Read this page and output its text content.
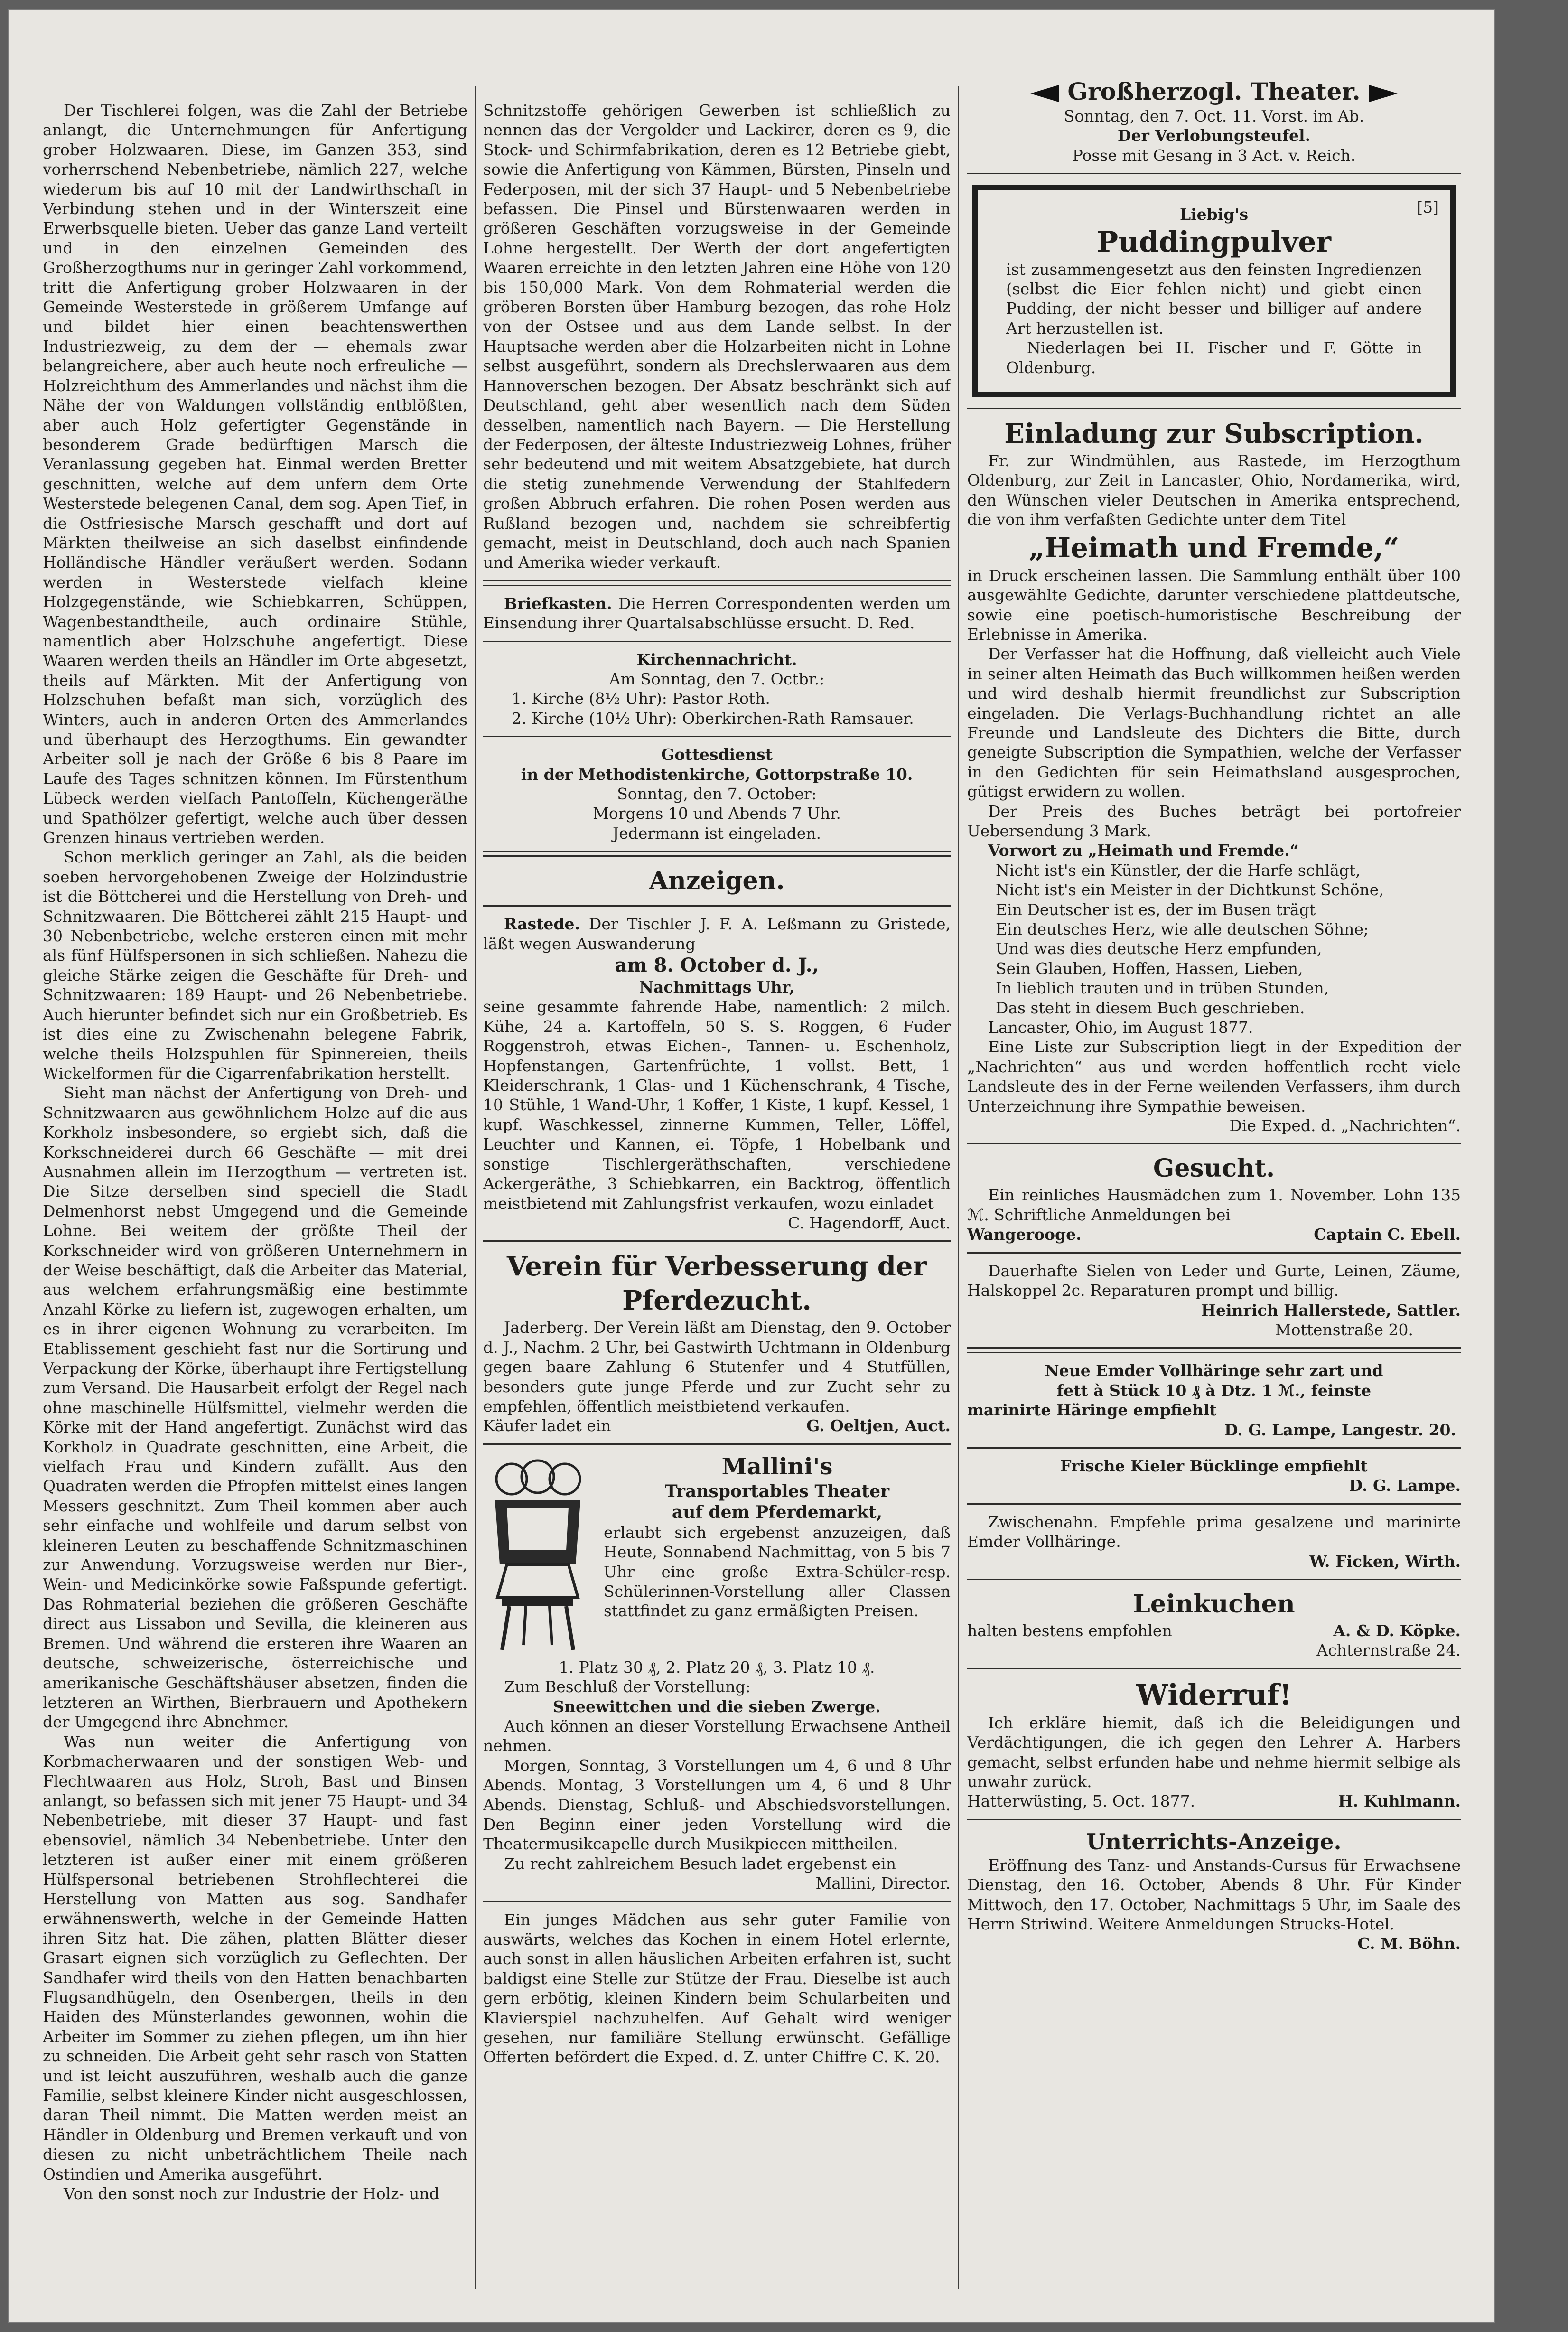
Der Tischlerei folgen, was die Zahl der Betriebe anlangt, die Unternehmungen für Anfertigung grober Holzwaaren. Diese, im Ganzen 353, sind vorherrschend Nebenbetriebe, nämlich 227, welche wiederum bis auf 10 mit der Landwirthschaft in Verbindung stehen und in der Winterszeit eine Erwerbsquelle bieten. Ueber das ganze Land verteilt und in den einzelnen Gemeinden des Großherzogthums nur in geringer Zahl vorkommend, tritt die Anfertigung grober Holzwaaren in der Gemeinde Westerstede in größerem Umfange auf und bildet hier einen beachtenswerthen Industriezweig, zu dem der — ehemals zwar belangreichere, aber auch heute noch erfreuliche — Holzreichthum des Ammerlandes und nächst ihm die Nähe der von Waldungen vollständig entblößten, aber auch Holz gefertigter Gegenstände in besonderem Grade bedürftigen Marsch die Veranlassung gegeben hat. Einmal werden Bretter geschnitten, welche auf dem unfern dem Orte Westerstede belegenen Canal, dem sog. Apen Tief, in die Ostfriesische Marsch geschafft und dort auf Märkten theilweise an sich daselbst einfindende Holländische Händler veräußert werden. Sodann werden in Westerstede vielfach kleine Holzgegenstände, wie Schiebkarren, Schüppen, Wagenbestandtheile, auch ordinaire Stühle, namentlich aber Holzschuhe angefertigt. Diese Waaren werden theils an Händler im Orte abgesetzt, theils auf Märkten. Mit der Anfertigung von Holzschuhen befaßt man sich, vorzüglich des Winters, auch in anderen Orten des Ammerlandes und überhaupt des Herzogthums. Ein gewandter Arbeiter soll je nach der Größe 6 bis 8 Paare im Laufe des Tages schnitzen können. Im Fürstenthum Lübeck werden vielfach Pantoffeln, Küchengeräthe und Spathölzer gefertigt, welche auch über dessen Grenzen hinaus vertrieben werden.

Schon merklich geringer an Zahl, als die beiden soeben hervorgehobenen Zweige der Holzindustrie ist die Böttcherei und die Herstellung von Dreh- und Schnitzwaaren. Die Böttcherei zählt 215 Haupt- und 30 Nebenbetriebe, welche ersteren einen mit mehr als fünf Hülfspersonen in sich schließen. Nahezu die gleiche Stärke zeigen die Geschäfte für Dreh- und Schnitzwaaren: 189 Haupt- und 26 Nebenbetriebe. Auch hierunter befindet sich nur ein Großbetrieb. Es ist dies eine zu Zwischenahn belegene Fabrik, welche theils Holzspuhlen für Spinnereien, theils Wickelformen für die Cigarrenfabrikation herstellt.

Sieht man nächst der Anfertigung von Dreh- und Schnitzwaaren aus gewöhnlichem Holze auf die aus Korkholz insbesondere, so ergiebt sich, daß die Korkschneiderei durch 66 Geschäfte — mit drei Ausnahmen allein im Herzogthum — vertreten ist. Die Sitze derselben sind speciell die Stadt Delmenhorst nebst Umgegend und die Gemeinde Lohne. Bei weitem der größte Theil der Korkschneider wird von größeren Unternehmern in der Weise beschäftigt, daß die Arbeiter das Material, aus welchem erfahrungsmäßig eine bestimmte Anzahl Körke zu liefern ist, zugewogen erhalten, um es in ihrer eigenen Wohnung zu verarbeiten. Im Etablissement geschieht fast nur die Sortirung und Verpackung der Körke, überhaupt ihre Fertigstellung zum Versand. Die Hausarbeit erfolgt der Regel nach ohne maschinelle Hülfsmittel, vielmehr werden die Körke mit der Hand angefertigt. Zunächst wird das Korkholz in Quadrate geschnitten, eine Arbeit, die vielfach Frau und Kindern zufällt. Aus den Quadraten werden die Pfropfen mittelst eines langen Messers geschnitzt. Zum Theil kommen aber auch sehr einfache und wohlfeile und darum selbst von kleineren Leuten zu beschaffende Schnitzmaschinen zur Anwendung. Vorzugsweise werden nur Bier-, Wein- und Medicinkörke sowie Faßspunde gefertigt. Das Rohmaterial beziehen die größeren Geschäfte direct aus Lissabon und Sevilla, die kleineren aus Bremen. Und während die ersteren ihre Waaren an deutsche, schweizerische, österreichische und amerikanische Geschäftshäuser absetzen, finden die letzteren an Wirthen, Bierbrauern und Apothekern der Umgegend ihre Abnehmer.

Was nun weiter die Anfertigung von Korbmacherwaaren und der sonstigen Web- und Flechtwaaren aus Holz, Stroh, Bast und Binsen anlangt, so befassen sich mit jener 75 Haupt- und 34 Nebenbetriebe, mit dieser 37 Haupt- und fast ebensoviel, nämlich 34 Nebenbetriebe. Unter den letzteren ist außer einer mit einem größeren Hülfspersonal betriebenen Strohflechterei die Herstellung von Matten aus sog. Sandhafer erwähnenswerth, welche in der Gemeinde Hatten ihren Sitz hat. Die zähen, platten Blätter dieser Grasart eignen sich vorzüglich zu Geflechten. Der Sandhafer wird theils von den Hatten benachbarten Flugsandhügeln, den Osenbergen, theils in den Haiden des Münsterlandes gewonnen, wohin die Arbeiter im Sommer zu ziehen pflegen, um ihn hier zu schneiden. Die Arbeit geht sehr rasch von Statten und ist leicht auszuführen, weshalb auch die ganze Familie, selbst kleinere Kinder nicht ausgeschlossen, daran Theil nimmt. Die Matten werden meist an Händler in Oldenburg und Bremen verkauft und von diesen zu nicht unbeträchtlichem Theile nach Ostindien und Amerika ausgeführt.

Von den sonst noch zur Industrie der Holz- und

Schnitzstoffe gehörigen Gewerben ist schließlich zu nennen das der Vergolder und Lackirer, deren es 9, die Stock- und Schirmfabrikation, deren es 12 Betriebe giebt, sowie die Anfertigung von Kämmen, Bürsten, Pinseln und Federposen, mit der sich 37 Haupt- und 5 Nebenbetriebe befassen. Die Pinsel und Bürstenwaaren werden in größeren Geschäften vorzugsweise in der Gemeinde Lohne hergestellt. Der Werth der dort angefertigten Waaren erreichte in den letzten Jahren eine Höhe von 120 bis 150,000 Mark. Von dem Rohmaterial werden die gröberen Borsten über Hamburg bezogen, das rohe Holz von der Ostsee und aus dem Lande selbst. In der Hauptsache werden aber die Holzarbeiten nicht in Lohne selbst ausgeführt, sondern als Drechslerwaaren aus dem Hannoverschen bezogen. Der Absatz beschränkt sich auf Deutschland, geht aber wesentlich nach dem Süden desselben, namentlich nach Bayern. — Die Herstellung der Federposen, der älteste Industriezweig Lohnes, früher sehr bedeutend und mit weitem Absatzgebiete, hat durch die stetig zunehmende Verwendung der Stahlfedern großen Abbruch erfahren. Die rohen Posen werden aus Rußland bezogen und, nachdem sie schreibfertig gemacht, meist in Deutschland, doch auch nach Spanien und Amerika wieder verkauft.

Briefkasten. Die Herren Correspondenten werden um Einsendung ihrer Quartalsabschlüsse ersucht. D. Red.

Kirchennachricht.

Am Sonntag, den 7. Octbr.:

1. Kirche (8½ Uhr): Pastor Roth.

2. Kirche (10½ Uhr): Oberkirchen-Rath Ramsauer.

Gottesdienst

in der Methodistenkirche, Gottorpstraße 10.

Sonntag, den 7. October:

Morgens 10 und Abends 7 Uhr.

Jedermann ist eingeladen.

Anzeigen.

Rastede. Der Tischler J. F. A. Leßmann zu Gristede, läßt wegen Auswanderung

am 8. October d. J.,

Nachmittags Uhr,

seine gesammte fahrende Habe, namentlich: 2 milch. Kühe, 24 a. Kartoffeln, 50 S. S. Roggen, 6 Fuder Roggenstroh, etwas Eichen-, Tannen- u. Eschenholz, Hopfenstangen, Gartenfrüchte, 1 vollst. Bett, 1 Kleiderschrank, 1 Glas- und 1 Küchenschrank, 4 Tische, 10 Stühle, 1 Wand-Uhr, 1 Koffer, 1 Kiste, 1 kupf. Kessel, 1 kupf. Waschkessel, zinnerne Kummen, Teller, Löffel, Leuchter und Kannen, ei. Töpfe, 1 Hobelbank und sonstige Tischlergeräthschaften, verschiedene Ackergeräthe, 3 Schiebkarren, ein Backtrog, öffentlich meistbietend mit Zahlungsfrist verkaufen, wozu einladet

C. Hagendorff, Auct.

Verein für Verbesserung der

Pferdezucht.

Jaderberg. Der Verein läßt am Dienstag, den 9. October d. J., Nachm. 2 Uhr, bei Gastwirth Uchtmann in Oldenburg gegen baare Zahlung 6 Stutenfer und 4 Stutfüllen, besonders gute junge Pferde und zur Zucht sehr zu empfehlen, öffentlich meistbietend verkaufen.

Käufer ladet ein	G. Oeltjen, Auct.

Mallini's

Transportables Theater

auf dem Pferdemarkt,

erlaubt sich ergebenst anzuzeigen, daß Heute, Sonnabend Nachmittag, von 5 bis 7 Uhr eine große Extra-Schüler-resp. Schülerinnen-Vorstellung aller Classen stattfindet zu ganz ermäßigten Preisen.

1. Platz 30 ₰, 2. Platz 20 ₰, 3. Platz 10 ₰.

Zum Beschluß der Vorstellung:

Sneewittchen und die sieben Zwerge.

Auch können an dieser Vorstellung Erwachsene Antheil nehmen.

Morgen, Sonntag, 3 Vorstellungen um 4, 6 und 8 Uhr Abends. Montag, 3 Vorstellungen um 4, 6 und 8 Uhr Abends. Dienstag, Schluß- und Abschiedsvorstellungen. Den Beginn einer jeden Vorstellung wird die Theatermusikcapelle durch Musikpiecen mittheilen.

Zu recht zahlreichem Besuch ladet ergebenst ein

Mallini, Director.

Ein junges Mädchen aus sehr guter Familie von auswärts, welches das Kochen in einem Hotel erlernte, auch sonst in allen häuslichen Arbeiten erfahren ist, sucht baldigst eine Stelle zur Stütze der Frau. Dieselbe ist auch gern erbötig, kleinen Kindern beim Schularbeiten und Klavierspiel nachzuhelfen. Auf Gehalt wird weniger gesehen, nur familiäre Stellung erwünscht. Gefällige Offerten befördert die Exped. d. Z. unter Chiffre C. K. 20.

Großherzogl. Theater.

Sonntag, den 7. Oct. 11. Vorst. im Ab.

Der Verlobungsteufel.

Posse mit Gesang in 3 Act. v. Reich.

[5]

Liebig's

Puddingpulver

ist zusammengesetzt aus den feinsten Ingredienzen (selbst die Eier fehlen nicht) und giebt einen Pudding, der nicht besser und billiger auf andere Art herzustellen ist.

Niederlagen bei H. Fischer und F. Götte in Oldenburg.

Einladung zur Subscription.

Fr. zur Windmühlen, aus Rastede, im Herzogthum Oldenburg, zur Zeit in Lancaster, Ohio, Nordamerika, wird, den Wünschen vieler Deutschen in Amerika entsprechend, die von ihm verfaßten Gedichte unter dem Titel

„Heimath und Fremde,“

in Druck erscheinen lassen. Die Sammlung enthält über 100 ausgewählte Gedichte, darunter verschiedene plattdeutsche, sowie eine poetisch-humoristische Beschreibung der Erlebnisse in Amerika.

Der Verfasser hat die Hoffnung, daß vielleicht auch Viele in seiner alten Heimath das Buch willkommen heißen werden und wird deshalb hiermit freundlichst zur Subscription eingeladen. Die Verlags-Buchhandlung richtet an alle Freunde und Landsleute des Dichters die Bitte, durch geneigte Subscription die Sympathien, welche der Verfasser in den Gedichten für sein Heimathsland ausgesprochen, gütigst erwidern zu wollen.

Der Preis des Buches beträgt bei portofreier Uebersendung 3 Mark.

Vorwort zu „Heimath und Fremde.“

Nicht ist's ein Künstler, der die Harfe schlägt,

Nicht ist's ein Meister in der Dichtkunst Schöne,

Ein Deutscher ist es, der im Busen trägt

Ein deutsches Herz, wie alle deutschen Söhne;

Und was dies deutsche Herz empfunden,

Sein Glauben, Hoffen, Hassen, Lieben,

In lieblich trauten und in trüben Stunden,

Das steht in diesem Buch geschrieben.

Lancaster, Ohio, im August 1877.

Eine Liste zur Subscription liegt in der Expedition der „Nachrichten“ aus und werden hoffentlich recht viele Landsleute des in der Ferne weilenden Verfassers, ihm durch Unterzeichnung ihre Sympathie beweisen.

Die Exped. d. „Nachrichten“.

Gesucht.

Ein reinliches Hausmädchen zum 1. November. Lohn 135 ℳ. Schriftliche Anmeldungen bei

Wangerooge.	Captain C. Ebell.

Dauerhafte Sielen von Leder und Gurte, Leinen, Zäume, Halskoppel 2c. Reparaturen prompt und billig.

Heinrich Hallerstede, Sattler.

Mottenstraße 20.

Neue Emder Vollhäringe sehr zart und

fett à Stück 10 ₰ à Dtz. 1 ℳ., feinste

marinirte Häringe empfiehlt

D. G. Lampe, Langestr. 20.

Frische Kieler Bücklinge empfiehlt

D. G. Lampe.

Zwischenahn. Empfehle prima gesalzene und marinirte Emder Vollhäringe.

W. Ficken, Wirth.

Leinkuchen

halten bestens empfohlen	A. & D. Köpke.

Achternstraße 24.

Widerruf!

Ich erkläre hiemit, daß ich die Beleidigungen und Verdächtigungen, die ich gegen den Lehrer A. Harbers gemacht, selbst erfunden habe und nehme hiermit selbige als unwahr zurück.

Hatterwüsting, 5. Oct. 1877.	H. Kuhlmann.

Unterrichts-Anzeige.

Eröffnung des Tanz- und Anstands-Cursus für Erwachsene Dienstag, den 16. October, Abends 8 Uhr. Für Kinder Mittwoch, den 17. October, Nachmittags 5 Uhr, im Saale des Herrn Striwind. Weitere Anmeldungen Strucks-Hotel.

C. M. Böhn.
